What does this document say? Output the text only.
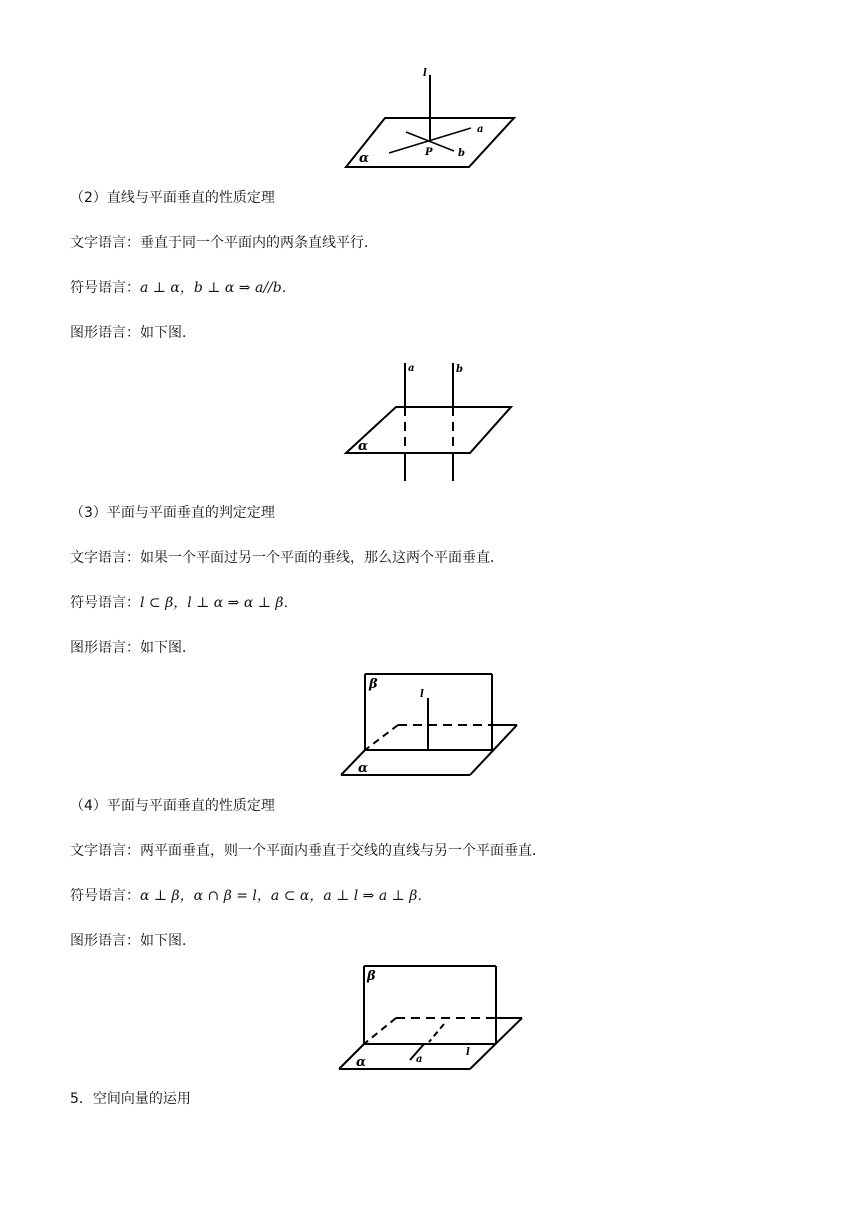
l
a
P	b
α
（2）直线与平面垂直的性质定理
文字语言：垂直于同一个平面内的两条直线平行．
符号语言：a ⊥ α，b ⊥ α ⇒ a//b．
图形语言：如下图．
a	b
α
（3）平面与平面垂直的判定定理
文字语言：如果一个平面过另一个平面的垂线，那么这两个平面垂直．
符号语言：l ⊂ β，l ⊥ α ⇒ α ⊥ β．
图形语言：如下图．
β
l
α
（4）平面与平面垂直的性质定理
文字语言：两平面垂直，则一个平面内垂直于交线的直线与另一个平面垂直．
符号语言：α ⊥ β，α ∩ β = l，a ⊂ α，a ⊥ l ⇒ a ⊥ β．
图形语言：如下图．
β
α	a
l
5．空间向量的运用
